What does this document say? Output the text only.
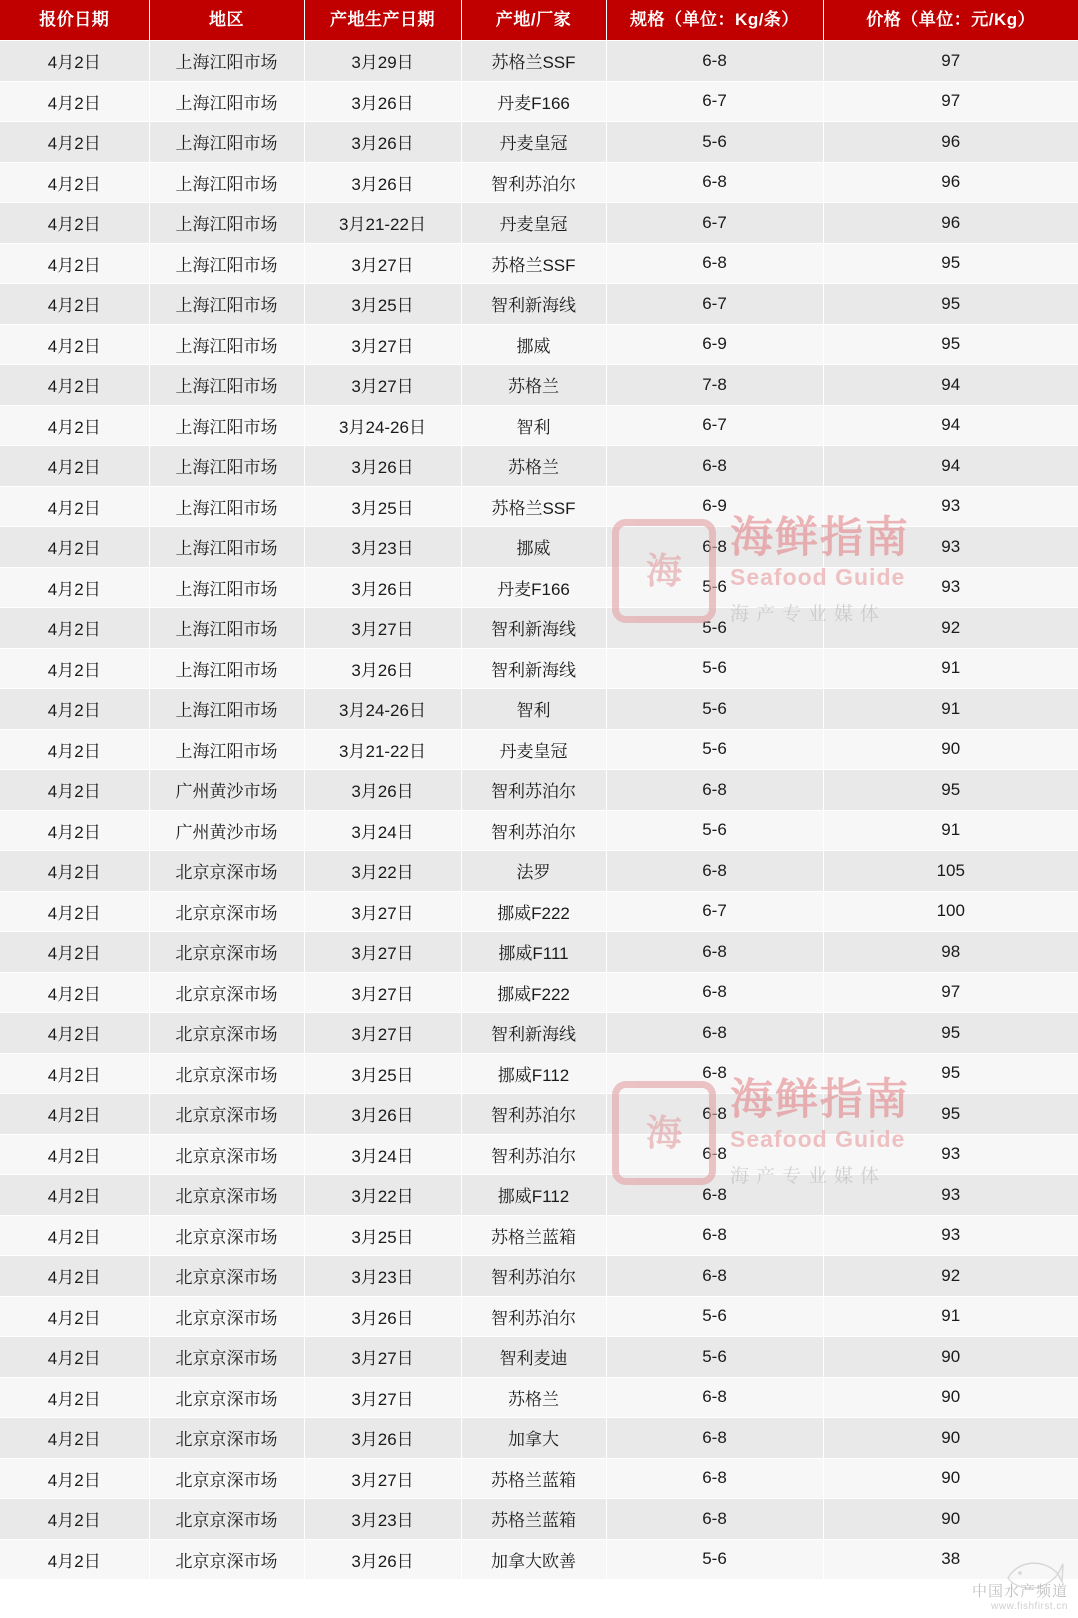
报价日期	地区	产地生产日期	产地/厂家	规格（单位：Kg/条）	价格（单位：元/Kg）
4月2日	上海江阳市场	3月29日	苏格兰SSF	6-8	97
4月2日	上海江阳市场	3月26日	丹麦F166	6-7	97
4月2日	上海江阳市场	3月26日	丹麦皇冠	5-6	96
4月2日	上海江阳市场	3月26日	智利苏泊尔	6-8	96
4月2日	上海江阳市场	3月21-22日	丹麦皇冠	6-7	96
4月2日	上海江阳市场	3月27日	苏格兰SSF	6-8	95
4月2日	上海江阳市场	3月25日	智利新海线	6-7	95
4月2日	上海江阳市场	3月27日	挪威	6-9	95
4月2日	上海江阳市场	3月27日	苏格兰	7-8	94
4月2日	上海江阳市场	3月24-26日	智利	6-7	94
4月2日	上海江阳市场	3月26日	苏格兰	6-8	94
4月2日	上海江阳市场	3月25日	苏格兰SSF	6-9	93
4月2日	上海江阳市场	3月23日	挪威	6-8	93
4月2日	上海江阳市场	3月26日	丹麦F166	5-6	93
4月2日	上海江阳市场	3月27日	智利新海线	5-6	92
4月2日	上海江阳市场	3月26日	智利新海线	5-6	91
4月2日	上海江阳市场	3月24-26日	智利	5-6	91
4月2日	上海江阳市场	3月21-22日	丹麦皇冠	5-6	90
4月2日	广州黄沙市场	3月26日	智利苏泊尔	6-8	95
4月2日	广州黄沙市场	3月24日	智利苏泊尔	5-6	91
4月2日	北京京深市场	3月22日	法罗	6-8	105
4月2日	北京京深市场	3月27日	挪威F222	6-7	100
4月2日	北京京深市场	3月27日	挪威F111	6-8	98
4月2日	北京京深市场	3月27日	挪威F222	6-8	97
4月2日	北京京深市场	3月27日	智利新海线	6-8	95
4月2日	北京京深市场	3月25日	挪威F112	6-8	95
4月2日	北京京深市场	3月26日	智利苏泊尔	6-8	95
4月2日	北京京深市场	3月24日	智利苏泊尔	6-8	93
4月2日	北京京深市场	3月22日	挪威F112	6-8	93
4月2日	北京京深市场	3月25日	苏格兰蓝箱	6-8	93
4月2日	北京京深市场	3月23日	智利苏泊尔	6-8	92
4月2日	北京京深市场	3月26日	智利苏泊尔	5-6	91
4月2日	北京京深市场	3月27日	智利麦迪	5-6	90
4月2日	北京京深市场	3月27日	苏格兰	6-8	90
4月2日	北京京深市场	3月26日	加拿大	6-8	90
4月2日	北京京深市场	3月27日	苏格兰蓝箱	6-8	90
4月2日	北京京深市场	3月23日	苏格兰蓝箱	6-8	90
4月2日	北京京深市场	3月26日	加拿大欧善	5-6	38
海
海鲜指南
Seafood Guide
海产专业媒体
海
海鲜指南
Seafood Guide
海产专业媒体
中国水产频道
www.fishfirst.cn
